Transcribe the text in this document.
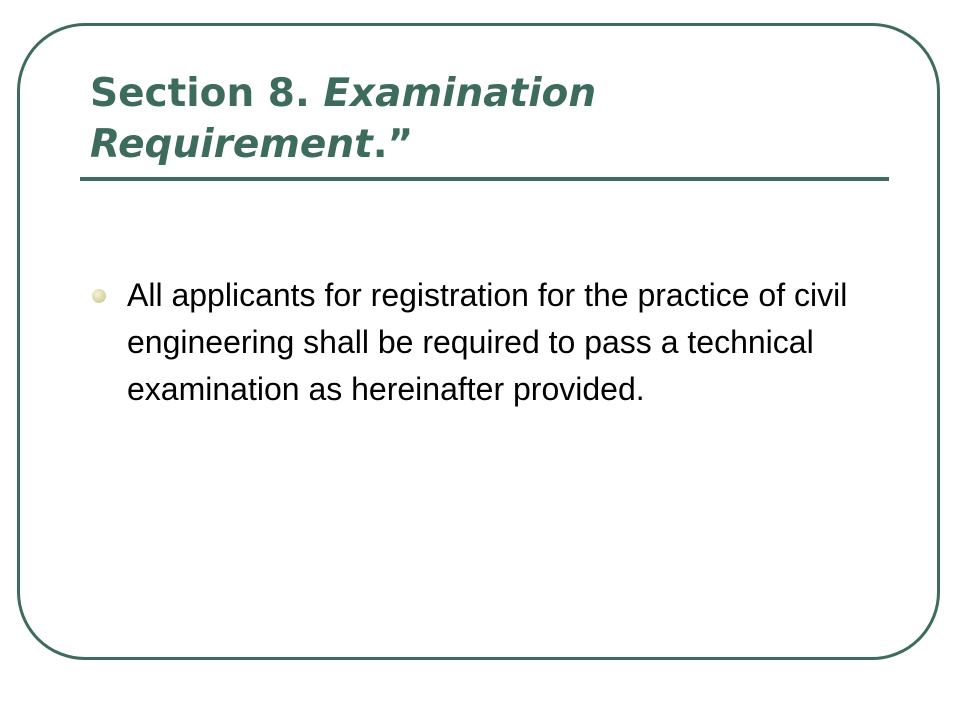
Section 8. Examination Requirement.”
All applicants for registration for the practice of civil engineering shall be required to pass a technical examination as hereinafter provided.
